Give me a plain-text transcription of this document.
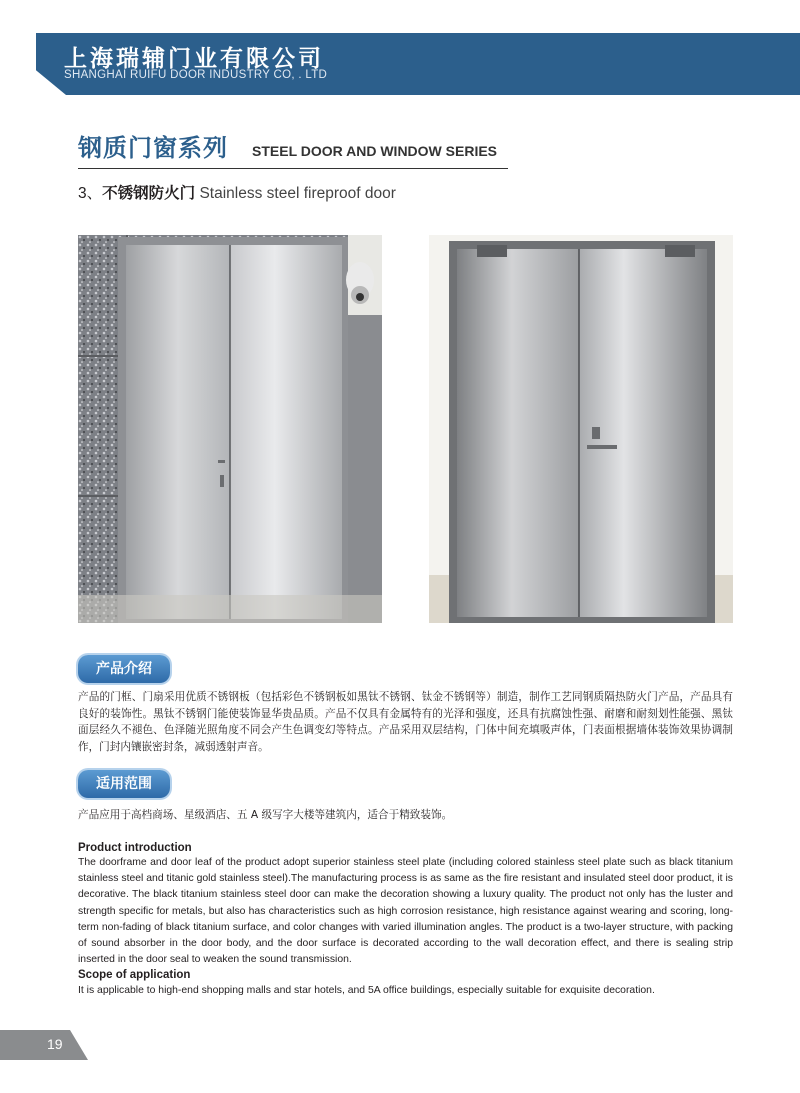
上海瑞辅门业有限公司
SHANGHAI RUIFU DOOR INDUSTRY CO, . LTD
钢质门窗系列 STEEL DOOR AND WINDOW SERIES
3、不锈钢防火门 Stainless steel fireproof door
产品介绍
产品的门框、门扇采用优质不锈钢板（包括彩色不锈钢板如黑钛不锈钢、钛金不锈钢等）制造，制作工艺同钢质隔热防火门产品，产品具有良好的装饰性。黑钛不锈钢门能使装饰显华贵品质。产品不仅具有金属特有的光泽和强度，还具有抗腐蚀性强、耐磨和耐刻划性能强、黑钛面层经久不褪色、色泽随光照角度不同会产生色调变幻等特点。产品采用双层结构，门体中间充填吸声体，门表面根据墙体装饰效果协调制作，门封内镶嵌密封条，减弱透射声音。
适用范围
产品应用于高档商场、星级酒店、五 A 级写字大楼等建筑内，适合于精致装饰。
Product introduction
The doorframe and door leaf of the product adopt superior stainless steel plate (including colored stainless steel plate such as black titanium stainless steel and titanic gold stainless steel).The manufacturing process is as same as the fire resistant and insulated steel door product, it is decorative. The black titanium stainless steel door can make the decoration showing a luxury quality. The product not only has the luster and strength specific for metals, but also has characteristics such as high corrosion resistance, high resistance against wearing and scoring, long-term non-fading of black titanium surface, and color changes with varied illumination angles. The product is a two-layer structure, with packing of sound absorber in the door body, and the door surface is decorated according to the wall decoration effect, and there is sealing strip inserted in the door seal to weaken the sound transmission.
Scope of application
It is applicable to high-end shopping malls and star hotels, and 5A office buildings, especially suitable for exquisite decoration.
19
